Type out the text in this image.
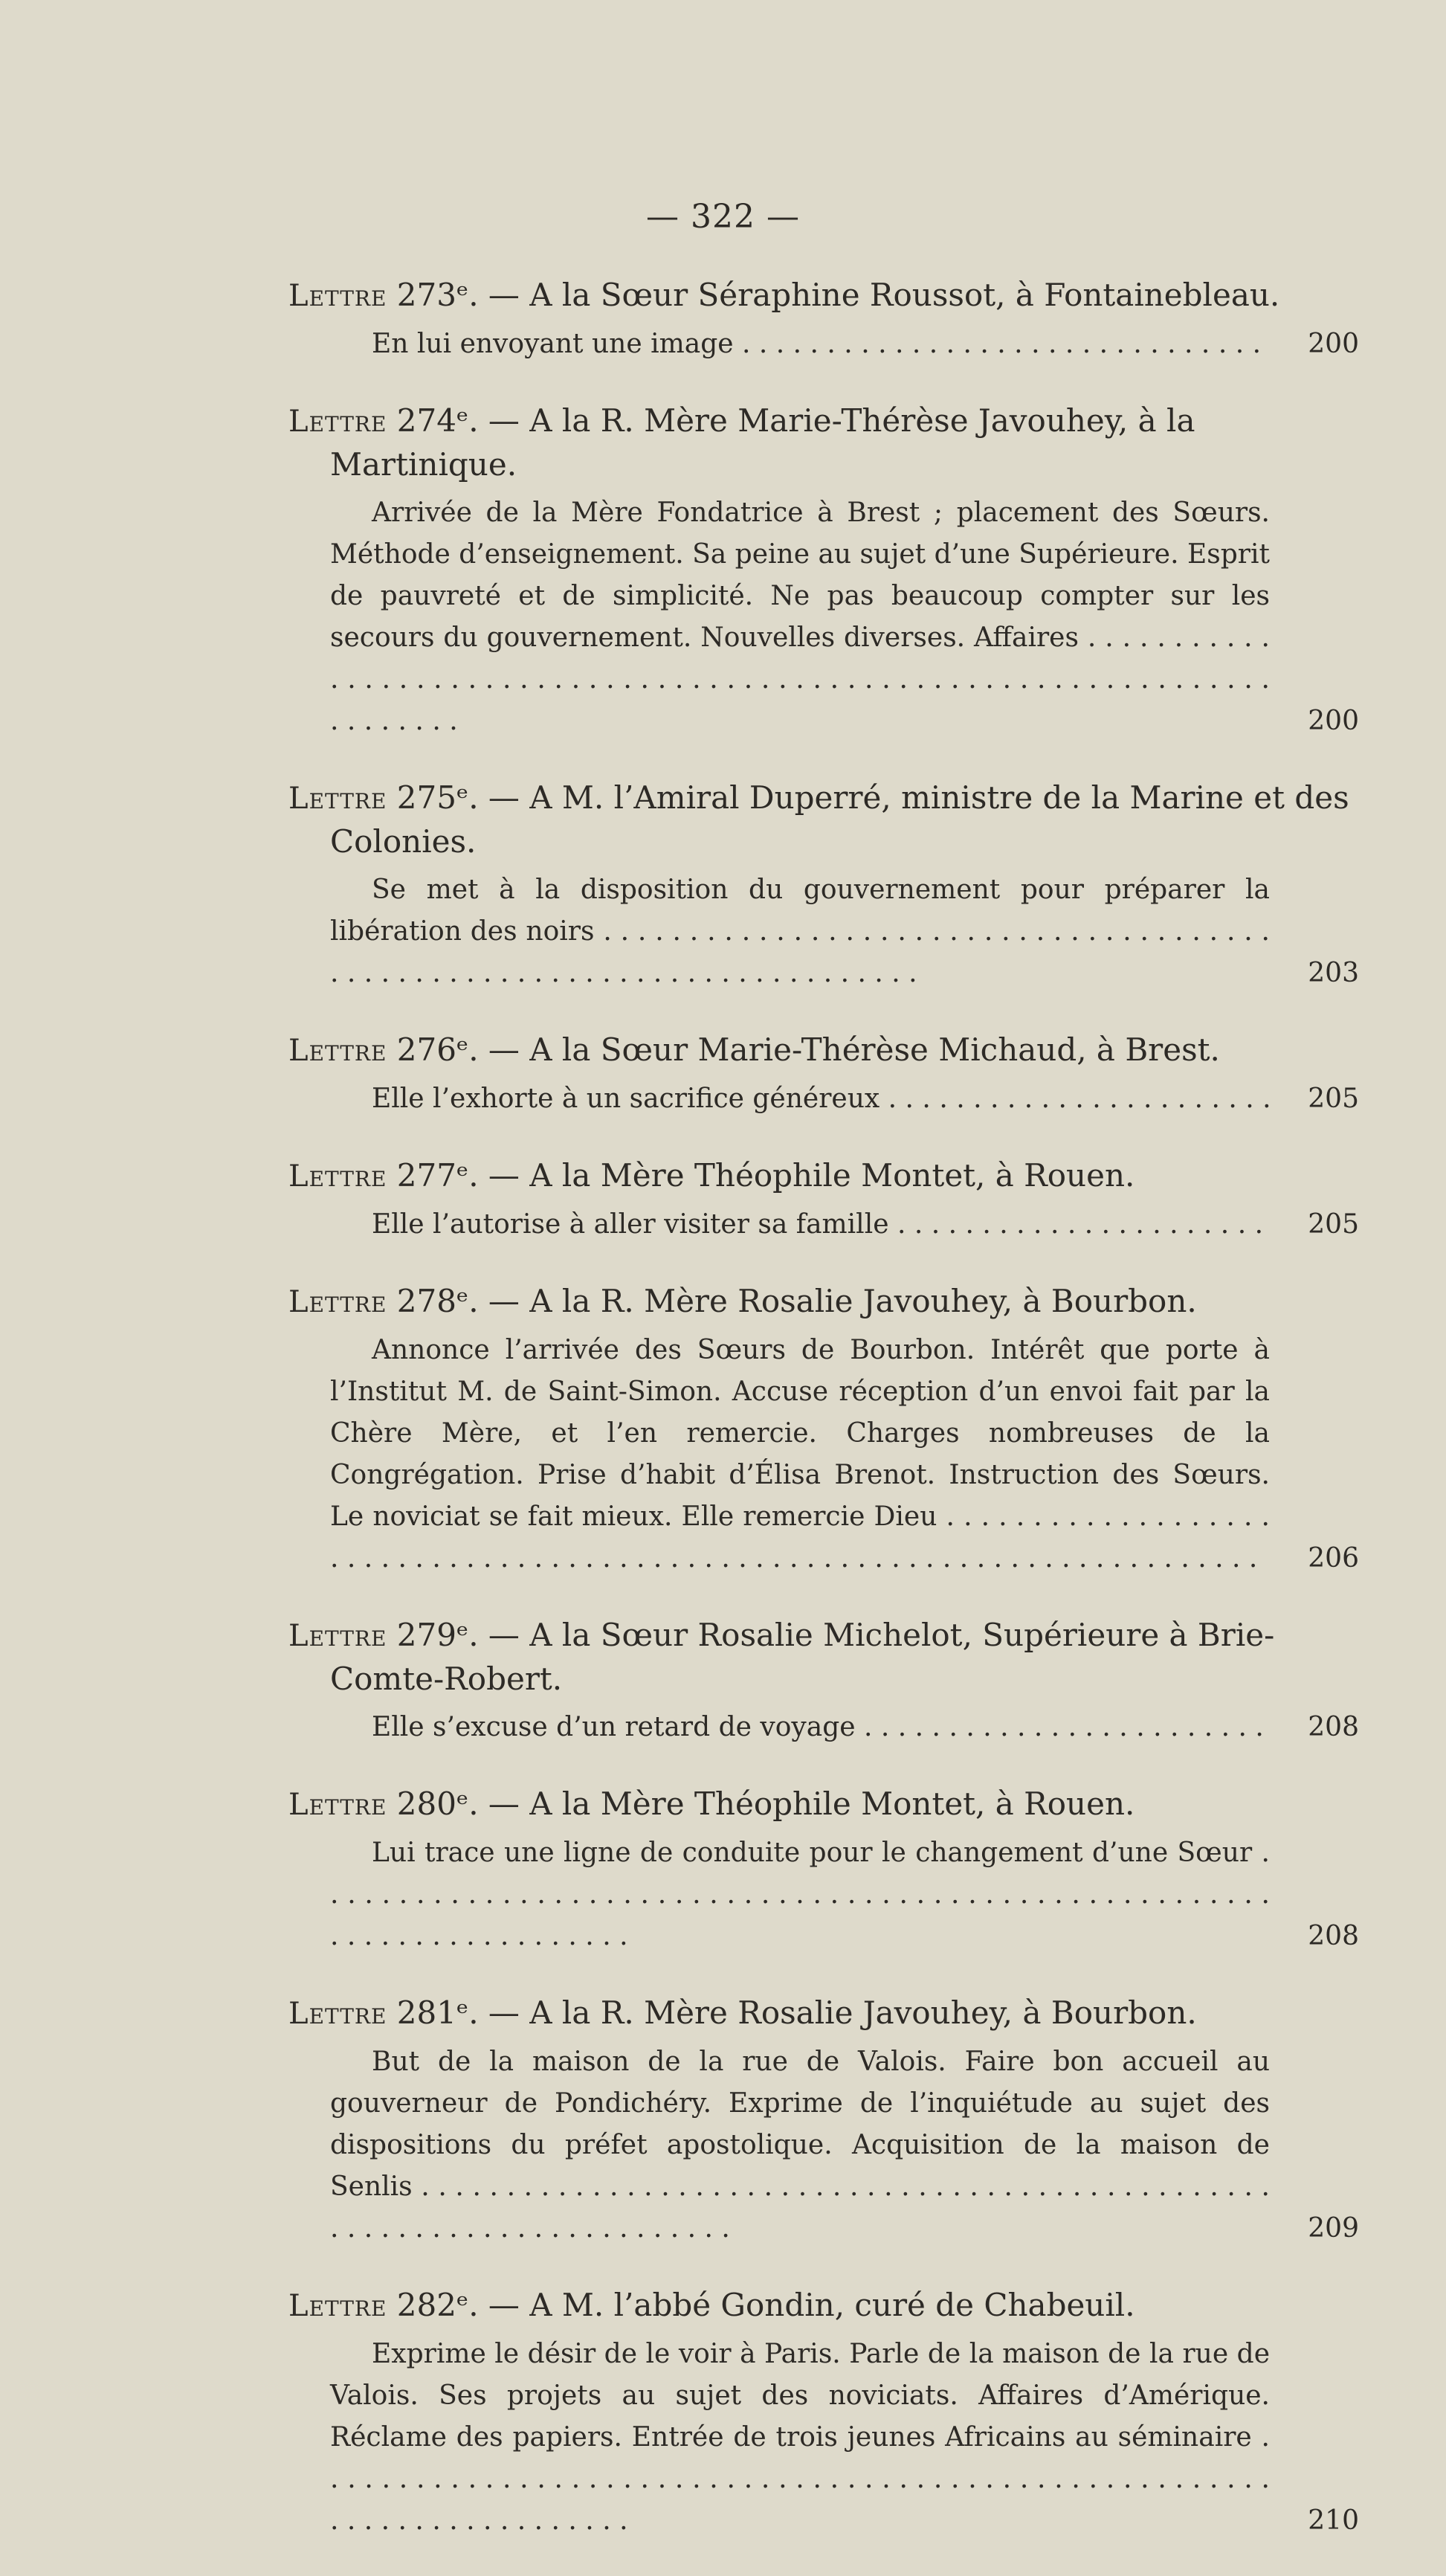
— 322 —
Lettre 273ᵉ. — A la Sœur Séraphine Roussot, à Fontainebleau.
En lui envoyant une image . . .	200
Lettre 274ᵉ. — A la R. Mère Marie-Thérèse Javouhey, à la Martinique.
Arrivée de la Mère Fondatrice à Brest ; placement des Sœurs. Méthode d’enseignement. Sa peine au sujet d’une Supérieure. Esprit de pauvreté et de simplicité. Ne pas beaucoup compter sur les secours du gouvernement. Nouvelles diverses. Affaires . . .
200
Lettre 275ᵉ. — A M. l’Amiral Duperré, ministre de la Marine et des Colonies.
Se met à la disposition du gouvernement pour préparer la libération des noirs . . .
203
Lettre 276ᵉ. — A la Sœur Marie-Thérèse Michaud, à Brest.
Elle l’exhorte à un sacrifice généreux . . .	205
Lettre 277ᵉ. — A la Mère Théophile Montet, à Rouen.
Elle l’autorise à aller visiter sa famille . . .	205
Lettre 278ᵉ. — A la R. Mère Rosalie Javouhey, à Bourbon.
Annonce l’arrivée des Sœurs de Bourbon. Intérêt que porte à l’Institut M. de Saint-Simon. Accuse réception d’un envoi fait par la Chère Mère, et l’en remercie. Charges nombreuses de la Congrégation. Prise d’habit d’Élisa Brenot. Instruction des Sœurs. Le noviciat se fait mieux. Elle remercie Dieu . . .
206
Lettre 279ᵉ. — A la Sœur Rosalie Michelot, Supérieure à Brie-Comte-Robert.
Elle s’excuse d’un retard de voyage . . .	208
Lettre 280ᵉ. — A la Mère Théophile Montet, à Rouen.
Lui trace une ligne de conduite pour le changement d’une Sœur . . .
208
Lettre 281ᵉ. — A la R. Mère Rosalie Javouhey, à Bourbon.
But de la maison de la rue de Valois. Faire bon accueil au gouverneur de Pondichéry. Exprime de l’inquiétude au sujet des dispositions du préfet apostolique. Acquisition de la maison de Senlis . . .
209
Lettre 282ᵉ. — A M. l’abbé Gondin, curé de Chabeuil.
Exprime le désir de le voir à Paris. Parle de la maison de la rue de Valois. Ses projets au sujet des noviciats. Affaires d’Amérique. Réclame des papiers. Entrée de trois jeunes Africains au séminaire . . .
210
